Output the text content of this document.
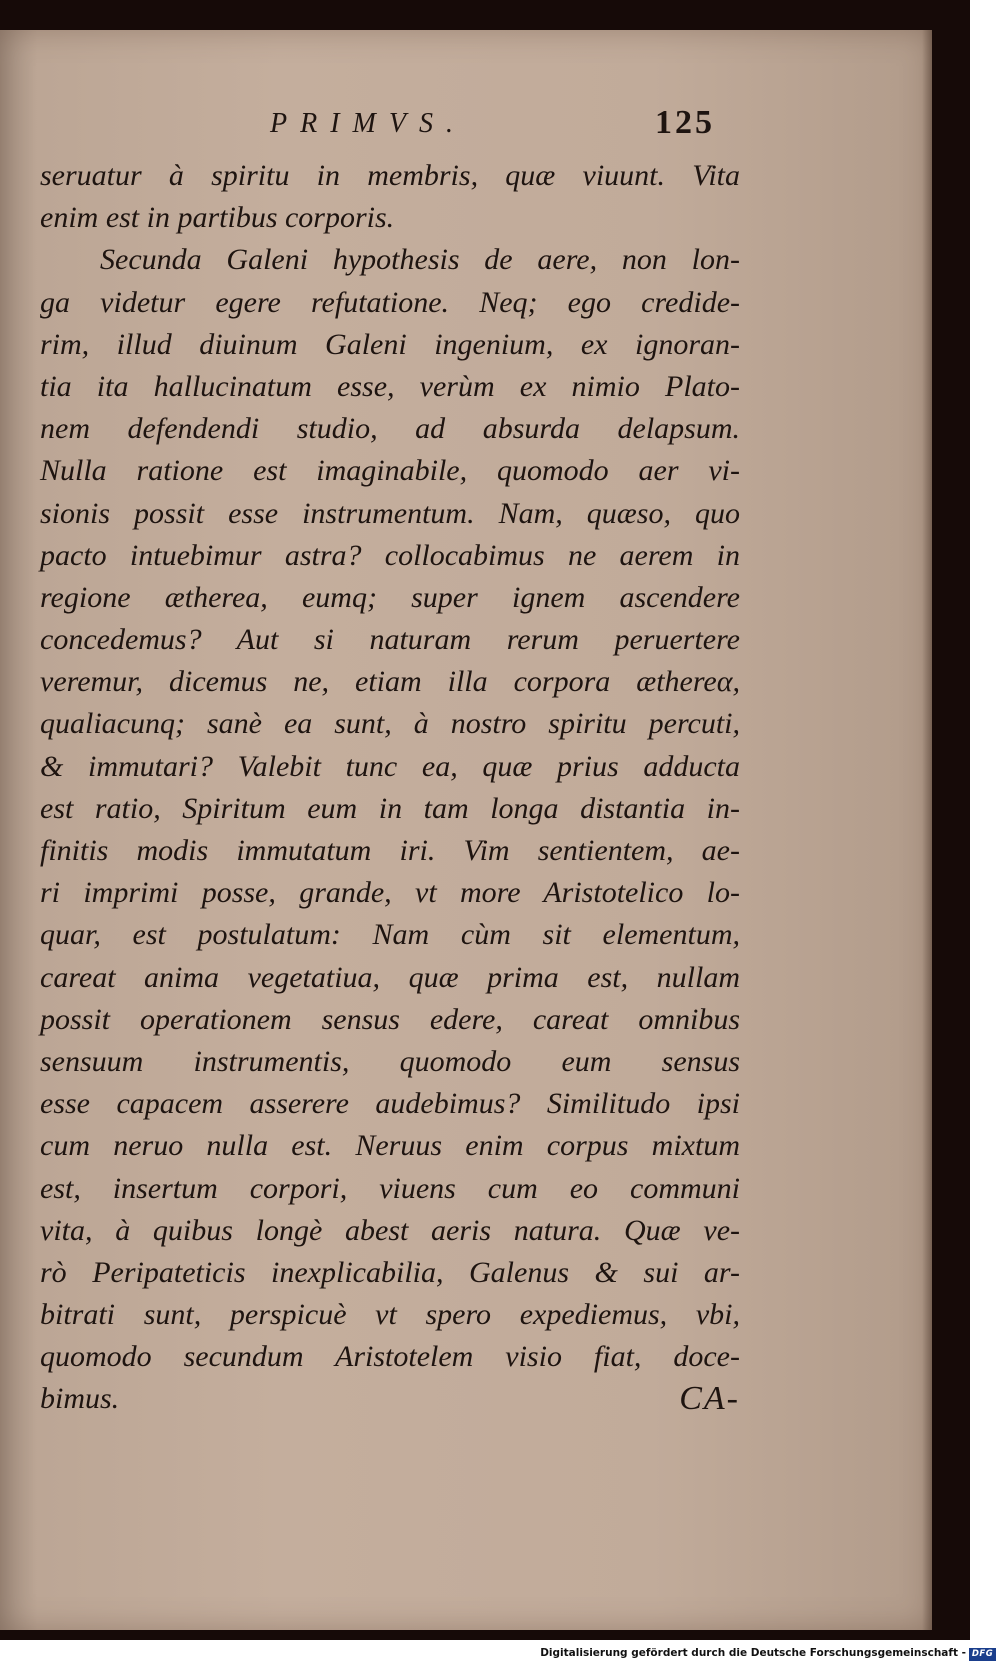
PRIMVS.	125
seruatur à spiritu in membris, quæ viuunt. Vita
enim est in partibus corporis.
Secunda Galeni hypothesis de aere, non lon-
ga videtur egere refutatione. Neq; ego credide-
rim, illud diuinum Galeni ingenium, ex ignoran-
tia ita hallucinatum esse, verùm ex nimio Plato-
nem defendendi studio, ad absurda delapsum.
Nulla ratione est imaginabile, quomodo aer vi-
sionis possit esse instrumentum. Nam, quæso, quo
pacto intuebimur astra? collocabimus ne aerem in
regione ætherea, eumq; super ignem ascendere
concedemus? Aut si naturam rerum peruertere
veremur, dicemus ne, etiam illa corpora æthereα,
qualiacunq; sanè ea sunt, à nostro spiritu percuti,
& immutari? Valebit tunc ea, quæ prius adducta
est ratio, Spiritum eum in tam longa distantia in-
finitis modis immutatum iri. Vim sentientem, ae-
ri imprimi posse, grande, vt more Aristotelico lo-
quar, est postulatum: Nam cùm sit elementum,
careat anima vegetatiua, quæ prima est, nullam
possit operationem sensus edere, careat omnibus
sensuum instrumentis, quomodo eum sensus
esse capacem asserere audebimus? Similitudo ipsi
cum neruo nulla est. Neruus enim corpus mixtum
est, insertum corpori, viuens cum eo communi
vita, à quibus longè abest aeris natura. Quæ ve-
rò Peripateticis inexplicabilia, Galenus & sui ar-
bitrati sunt, perspicuè vt spero expediemus, vbi,
quomodo secundum Aristotelem visio fiat, doce-
bimus.	CA-
Digitalisierung gefördert durch die Deutsche Forschungsgemeinschaft - DFG
